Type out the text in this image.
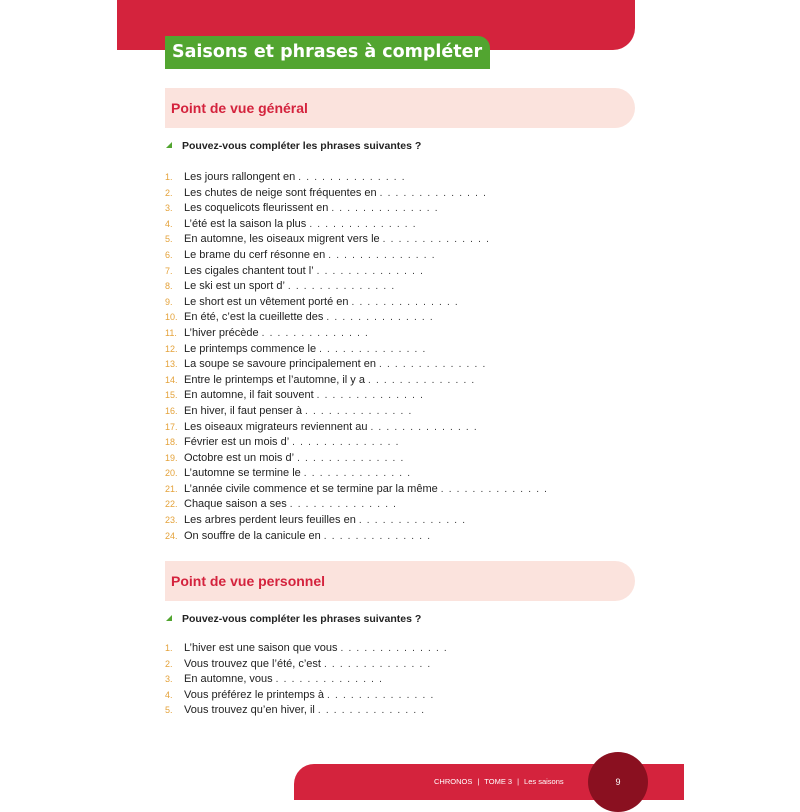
Saisons et phrases à compléter
Point de vue général
Pouvez-vous compléter les phrases suivantes ?
1. Les jours rallongent en . . . . . . . . . . . . . .
2. Les chutes de neige sont fréquentes en . . . . . . . . . . . . . .
3. Les coquelicots fleurissent en . . . . . . . . . . . . . .
4. L’été est la saison la plus . . . . . . . . . . . . . .
5. En automne, les oiseaux migrent vers le . . . . . . . . . . . . . .
6. Le brame du cerf résonne en . . . . . . . . . . . . . .
7. Les cigales chantent tout l’ . . . . . . . . . . . . . .
8. Le ski est un sport d’ . . . . . . . . . . . . . .
9. Le short est un vêtement porté en . . . . . . . . . . . . . .
10. En été, c’est la cueillette des . . . . . . . . . . . . . .
11. L’hiver précède . . . . . . . . . . . . . .
12. Le printemps commence le . . . . . . . . . . . . . .
13. La soupe se savoure principalement en . . . . . . . . . . . . . .
14. Entre le printemps et l’automne, il y a . . . . . . . . . . . . . .
15. En automne, il fait souvent . . . . . . . . . . . . . .
16. En hiver, il faut penser à . . . . . . . . . . . . . .
17. Les oiseaux migrateurs reviennent au . . . . . . . . . . . . . .
18. Février est un mois d’ . . . . . . . . . . . . . .
19. Octobre est un mois d’ . . . . . . . . . . . . . .
20. L’automne se termine le . . . . . . . . . . . . . .
21. L’année civile commence et se termine par la même . . . . . . . . . . . . . .
22. Chaque saison a ses . . . . . . . . . . . . . .
23. Les arbres perdent leurs feuilles en . . . . . . . . . . . . . .
24. On souffre de la canicule en . . . . . . . . . . . . . .
Point de vue personnel
Pouvez-vous compléter les phrases suivantes ?
1. L’hiver est une saison que vous . . . . . . . . . . . . . .
2. Vous trouvez que l’été, c’est . . . . . . . . . . . . . .
3. En automne, vous . . . . . . . . . . . . . .
4. Vous préférez le printemps à . . . . . . . . . . . . . .
5. Vous trouvez qu’en hiver, il . . . . . . . . . . . . . .
CHRONOS | TOME 3 | Les saisons	9
